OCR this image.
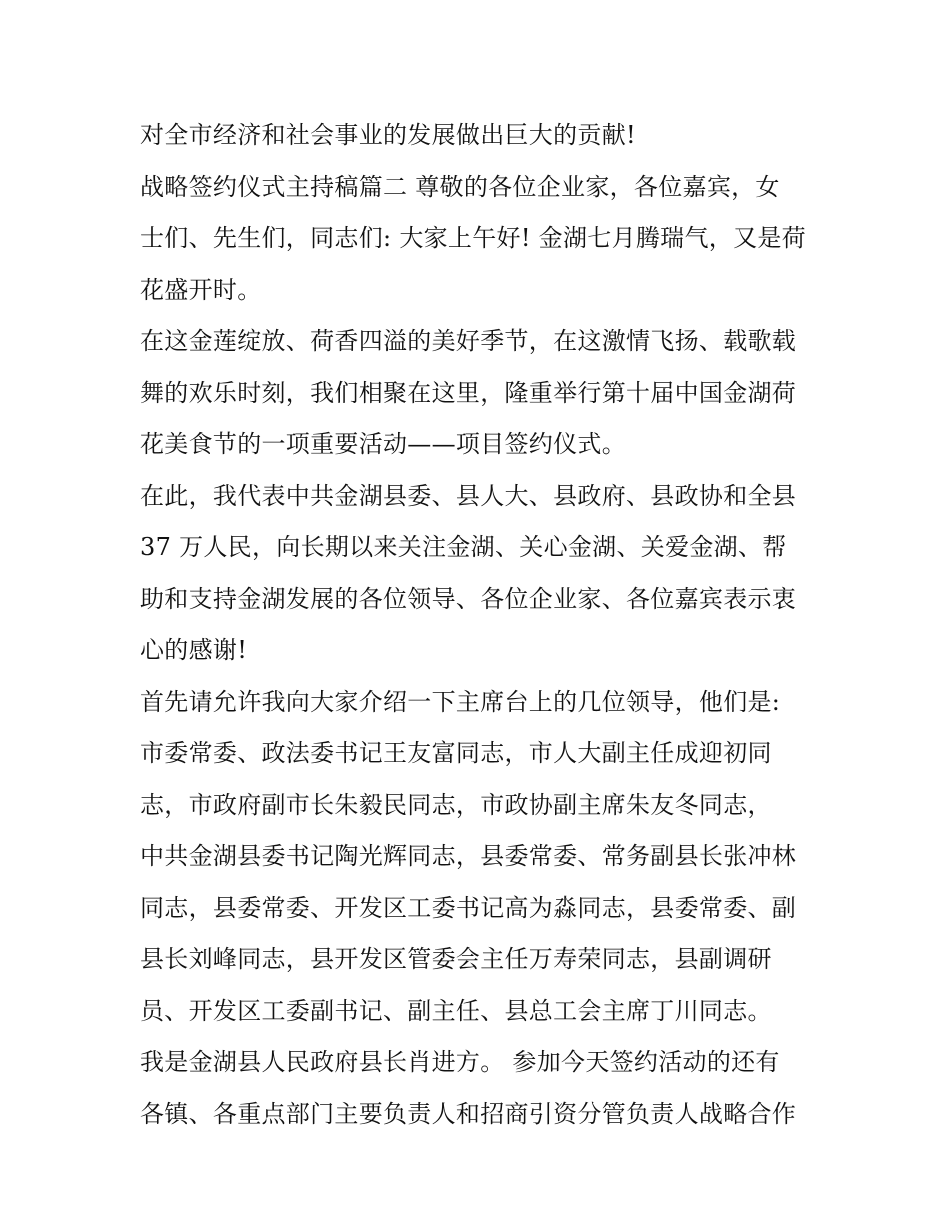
对全市经济和社会事业的发展做出巨大的贡献!
战略签约仪式主持稿篇二 尊敬的各位企业家，各位嘉宾，女
士们、先生们，同志们: 大家上午好! 金湖七月腾瑞气，又是荷
花盛开时。
在这金莲绽放、荷香四溢的美好季节，在这激情飞扬、载歌载
舞的欢乐时刻，我们相聚在这里，隆重举行第十届中国金湖荷
花美食节的一项重要活动——项目签约仪式。
在此，我代表中共金湖县委、县人大、县政府、县政协和全县
37 万人民，向长期以来关注金湖、关心金湖、关爱金湖、帮
助和支持金湖发展的各位领导、各位企业家、各位嘉宾表示衷
心的感谢!
首先请允许我向大家介绍一下主席台上的几位领导，他们是:
市委常委、政法委书记王友富同志，市人大副主任成迎初同
志，市政府副市长朱毅民同志，市政协副主席朱友冬同志，
中共金湖县委书记陶光辉同志，县委常委、常务副县长张冲林
同志，县委常委、开发区工委书记高为淼同志，县委常委、副
县长刘峰同志，县开发区管委会主任万寿荣同志，县副调研
员、开发区工委副书记、副主任、县总工会主席丁川同志。
我是金湖县人民政府县长肖进方。 参加今天签约活动的还有
各镇、各重点部门主要负责人和招商引资分管负责人战略合作
